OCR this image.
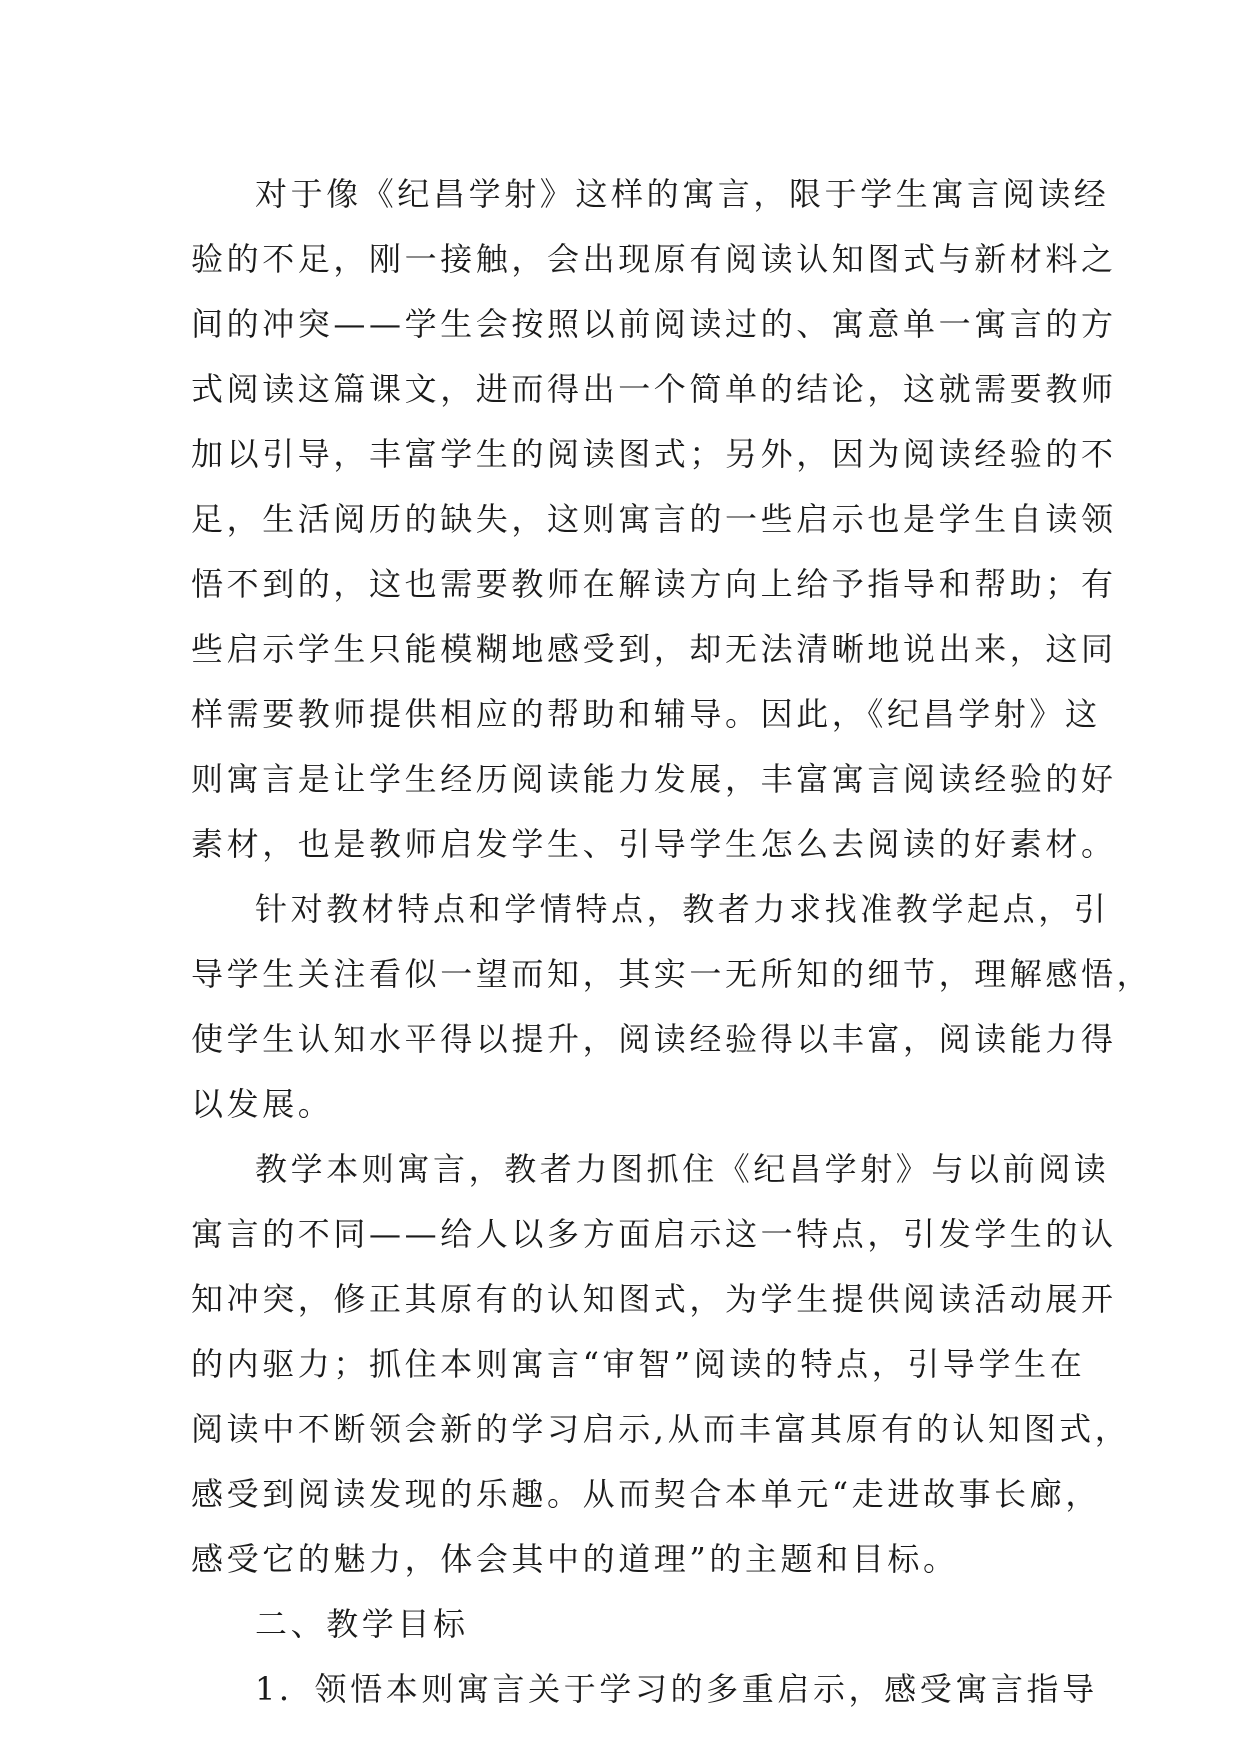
对于像《纪昌学射》这样的寓言，限于学生寓言阅读经
验的不足，刚一接触，会出现原有阅读认知图式与新材料之
间的冲突——学生会按照以前阅读过的、寓意单一寓言的方
式阅读这篇课文，进而得出一个简单的结论，这就需要教师
加以引导，丰富学生的阅读图式；另外，因为阅读经验的不
足，生活阅历的缺失，这则寓言的一些启示也是学生自读领
悟不到的，这也需要教师在解读方向上给予指导和帮助；有
些启示学生只能模糊地感受到，却无法清晰地说出来，这同
样需要教师提供相应的帮助和辅导。因此，《纪昌学射》这
则寓言是让学生经历阅读能力发展，丰富寓言阅读经验的好
素材，也是教师启发学生、引导学生怎么去阅读的好素材。
针对教材特点和学情特点，教者力求找准教学起点，引
导学生关注看似一望而知，其实一无所知的细节，理解感悟，
使学生认知水平得以提升，阅读经验得以丰富，阅读能力得
以发展。
教学本则寓言，教者力图抓住《纪昌学射》与以前阅读
寓言的不同——给人以多方面启示这一特点，引发学生的认
知冲突，修正其原有的认知图式，为学生提供阅读活动展开
的内驱力；抓住本则寓言“审智”阅读的特点，引导学生在
阅读中不断领会新的学习启示,从而丰富其原有的认知图式，
感受到阅读发现的乐趣。从而契合本单元“走进故事长廊，
感受它的魅力，体会其中的道理”的主题和目标。
二、教学目标
1．领悟本则寓言关于学习的多重启示，感受寓言指导
